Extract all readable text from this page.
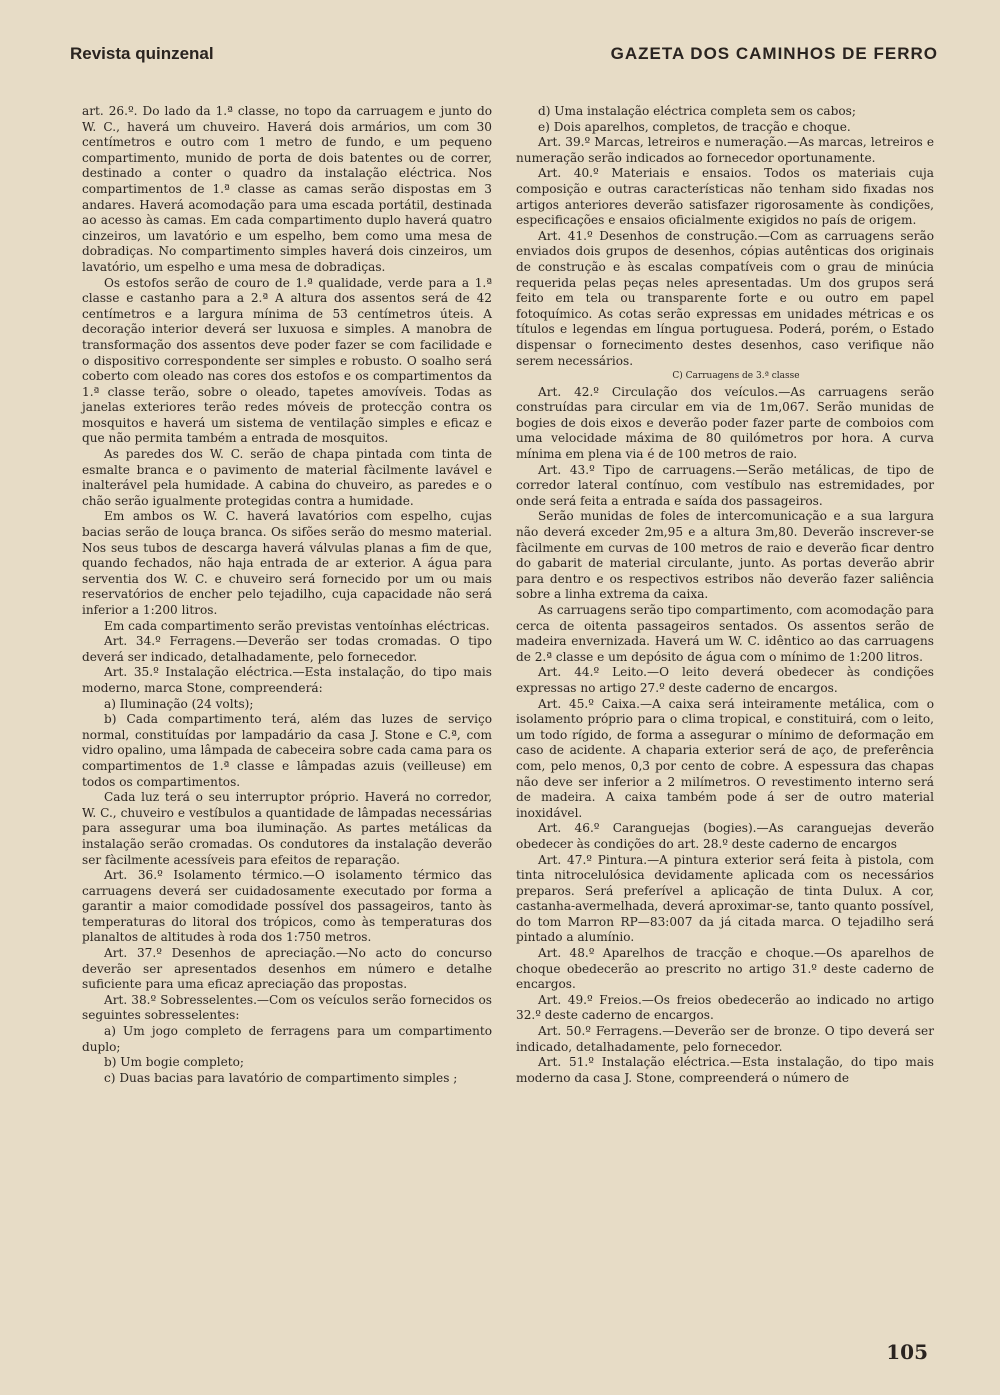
Revista quinzenal	GAZETA DOS CAMINHOS DE FERRO

art. 26.º. Do lado da 1.ª classe, no topo da carruagem e junto do W. C., haverá um chuveiro. Haverá dois armários, um com 30 centímetros e outro com 1 metro de fundo, e um pequeno compartimento, munido de porta de dois batentes ou de correr, destinado a conter o quadro da instalação eléctrica. Nos compartimentos de 1.ª classe as camas serão dispostas em 3 andares. Haverá acomodação para uma escada portátil, destinada ao acesso às camas. Em cada compartimento duplo haverá quatro cinzeiros, um lavatório e um espelho, bem como uma mesa de dobradiças. No compartimento simples haverá dois cinzeiros, um lavatório, um espelho e uma mesa de dobradiças.

Os estofos serão de couro de 1.ª qualidade, verde para a 1.ª classe e castanho para a 2.ª A altura dos assentos será de 42 centímetros e a largura mínima de 53 centímetros úteis. A decoração interior deverá ser luxuosa e simples. A manobra de transformação dos assentos deve poder fazer se com facilidade e o dispositivo correspondente ser simples e robusto. O soalho será coberto com oleado nas cores dos estofos e os compartimentos da 1.ª classe terão, sobre o oleado, tapetes amovíveis. Todas as janelas exteriores terão redes móveis de protecção contra os mosquitos e haverá um sistema de ventilação simples e eficaz e que não permita também a entrada de mosquitos.

As paredes dos W. C. serão de chapa pintada com tinta de esmalte branca e o pavimento de material fàcilmente lavável e inalterável pela humidade. A cabina do chuveiro, as paredes e o chão serão igualmente protegidas contra a humidade.

Em ambos os W. C. haverá lavatórios com espelho, cujas bacias serão de louça branca. Os sifões serão do mesmo material. Nos seus tubos de descarga haverá válvulas planas a fim de que, quando fechados, não haja entrada de ar exterior. A água para serventia dos W. C. e chuveiro será fornecido por um ou mais reservatórios de encher pelo tejadilho, cuja capacidade não será inferior a 1:200 litros.

Em cada compartimento serão previstas ventoínhas eléctricas.

Art. 34.º Ferragens.—Deverão ser todas cromadas. O tipo deverá ser indicado, detalhadamente, pelo fornecedor.

Art. 35.º Instalação eléctrica.—Esta instalação, do tipo mais moderno, marca Stone, compreenderá:

a) Iluminação (24 volts);

b) Cada compartimento terá, além das luzes de serviço normal, constituídas por lampadário da casa J. Stone e C.ª, com vidro opalino, uma lâmpada de cabeceira sobre cada cama para os compartimentos de 1.ª classe e lâmpadas azuis (veilleuse) em todos os compartimentos.

Cada luz terá o seu interruptor próprio. Haverá no corredor, W. C., chuveiro e vestíbulos a quantidade de lâmpadas necessárias para assegurar uma boa iluminação. As partes metálicas da instalação serão cromadas. Os condutores da instalação deverão ser fàcilmente acessíveis para efeitos de reparação.

Art. 36.º Isolamento térmico.—O isolamento térmico das carruagens deverá ser cuidadosamente executado por forma a garantir a maior comodidade possível dos passageiros, tanto às temperaturas do litoral dos trópicos, como às temperaturas dos planaltos de altitudes à roda dos 1:750 metros.

Art. 37.º Desenhos de apreciação.—No acto do concurso deverão ser apresentados desenhos em número e detalhe suficiente para uma eficaz apreciação das propostas.

Art. 38.º Sobresselentes.—Com os veículos serão fornecidos os seguintes sobresselentes:

a) Um jogo completo de ferragens para um compartimento duplo;

b) Um bogie completo;

c) Duas bacias para lavatório de compartimento simples ;

d) Uma instalação eléctrica completa sem os cabos;

e) Dois aparelhos, completos, de tracção e choque.

Art. 39.º Marcas, letreiros e numeração.—As marcas, letreiros e numeração serão indicados ao fornecedor oportunamente.

Art. 40.º Materiais e ensaios. Todos os materiais cuja composição e outras características não tenham sido fixadas nos artigos anteriores deverão satisfazer rigorosamente às condições, especificações e ensaios oficialmente exigidos no país de origem.

Art. 41.º Desenhos de construção.—Com as carruagens serão enviados dois grupos de desenhos, cópias autênticas dos originais de construção e às escalas compatíveis com o grau de minúcia requerida pelas peças neles apresentadas. Um dos grupos será feito em tela ou transparente forte e ou outro em papel fotoquímico. As cotas serão expressas em unidades métricas e os títulos e legendas em língua portuguesa. Poderá, porém, o Estado dispensar o fornecimento destes desenhos, caso verifique não serem necessários.

C) Carruagens de 3.ª classe

Art. 42.º Circulação dos veículos.—As carruagens serão construídas para circular em via de 1m,067. Serão munidas de bogies de dois eixos e deverão poder fazer parte de comboios com uma velocidade máxima de 80 quilómetros por hora. A curva mínima em plena via é de 100 metros de raio.

Art. 43.º Tipo de carruagens.—Serão metálicas, de tipo de corredor lateral contínuo, com vestíbulo nas estremidades, por onde será feita a entrada e saída dos passageiros.

Serão munidas de foles de intercomunicação e a sua largura não deverá exceder 2m,95 e a altura 3m,80. Deverão inscrever-se fàcilmente em curvas de 100 metros de raio e deverão ficar dentro do gabarit de material circulante, junto. As portas deverão abrir para dentro e os respectivos estribos não deverão fazer saliência sobre a linha extrema da caixa.

As carruagens serão tipo compartimento, com acomodação para cerca de oitenta passageiros sentados. Os assentos serão de madeira envernizada. Haverá um W. C. idêntico ao das carruagens de 2.ª classe e um depósito de água com o mínimo de 1:200 litros.

Art. 44.º Leito.—O leito deverá obedecer às condições expressas no artigo 27.º deste caderno de encargos.

Art. 45.º Caixa.—A caixa será inteiramente metálica, com o isolamento próprio para o clima tropical, e constituirá, com o leito, um todo rígido, de forma a assegurar o mínimo de deformação em caso de acidente. A chaparia exterior será de aço, de preferência com, pelo menos, 0,3 por cento de cobre. A espessura das chapas não deve ser inferior a 2 milímetros. O revestimento interno será de madeira. A caixa também pode á ser de outro material inoxidável.

Art. 46.º Caranguejas (bogies).—As caranguejas deverão obedecer às condições do art. 28.º deste caderno de encargos

Art. 47.º Pintura.—A pintura exterior será feita à pistola, com tinta nitrocelulósica devidamente aplicada com os necessários preparos. Será preferível a aplicação de tinta Dulux. A cor, castanha-avermelhada, deverá aproximar-se, tanto quanto possível, do tom Marron RP—83:007 da já citada marca. O tejadilho será pintado a alumínio.

Art. 48.º Aparelhos de tracção e choque.—Os aparelhos de choque obedecerão ao prescrito no artigo 31.º deste caderno de encargos.

Art. 49.º Freios.—Os freios obedecerão ao indicado no artigo 32.º deste caderno de encargos.

Art. 50.º Ferragens.—Deverão ser de bronze. O tipo deverá ser indicado, detalhadamente, pelo fornecedor.

Art. 51.º Instalação eléctrica.—Esta instalação, do tipo mais moderno da casa J. Stone, compreenderá o número de

105
